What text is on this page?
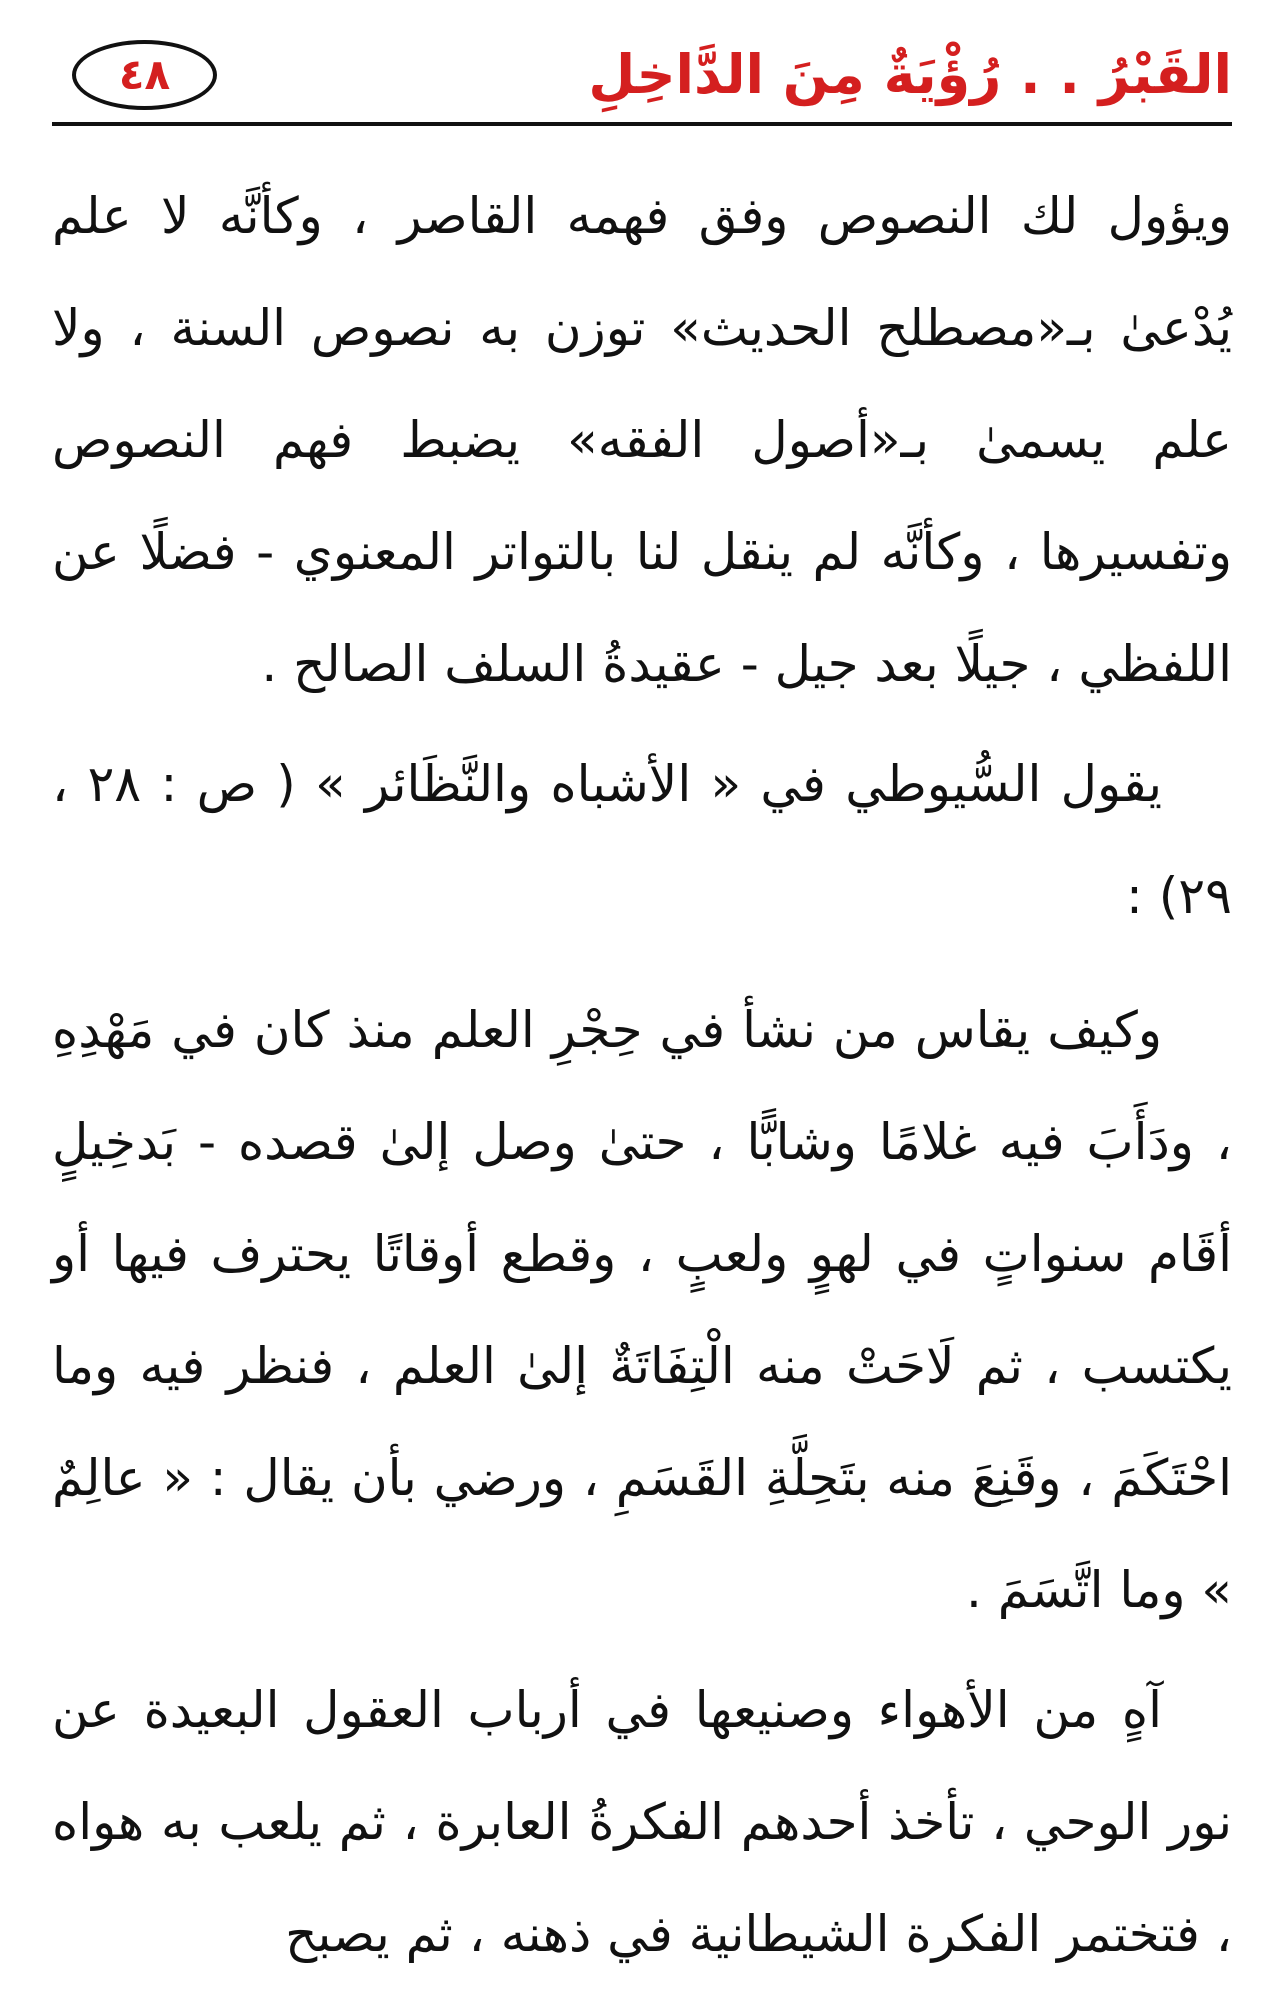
٤٨	القَبْرُ . . رُؤْيَةٌ مِنَ الدَّاخِلِ

ويؤول لك النصوص وفق فهمه القاصر ، وكأنَّه لا علم يُدْعىٰ بـ«مصطلح الحديث» توزن به نصوص السنة ، ولا علم يسمىٰ بـ«أصول الفقه» يضبط فهم النصوص وتفسيرها ، وكأنَّه لم ينقل لنا بالتواتر المعنوي - فضلًا عن اللفظي ، جيلًا بعد جيل - عقيدةُ السلف الصالح .

يقول السُّيوطي في « الأشباه والنَّظَائر » ( ص : ٢٨ ، ٢٩) :

وكيف يقاس من نشأ في حِجْرِ العلم منذ كان في مَهْدِهِ ، ودَأَبَ فيه غلامًا وشابًّا ، حتىٰ وصل إلىٰ قصده - بَدخِيلٍ أقَام سنواتٍ في لهوٍ ولعبٍ ، وقطع أوقاتًا يحترف فيها أو يكتسب ، ثم لَاحَتْ منه الْتِفَاتَةٌ إلىٰ العلم ، فنظر فيه وما احْتَكَمَ ، وقَنِعَ منه بتَحِلَّةِ القَسَمِ ، ورضي بأن يقال : « عالِمٌ » وما اتَّسَمَ .

آهٍ من الأهواء وصنيعها في أرباب العقول البعيدة عن نور الوحي ، تأخذ أحدهم الفكرةُ العابرة ، ثم يلعب به هواه ، فتختمر الفكرة الشيطانية في ذهنه ، ثم يصبح
